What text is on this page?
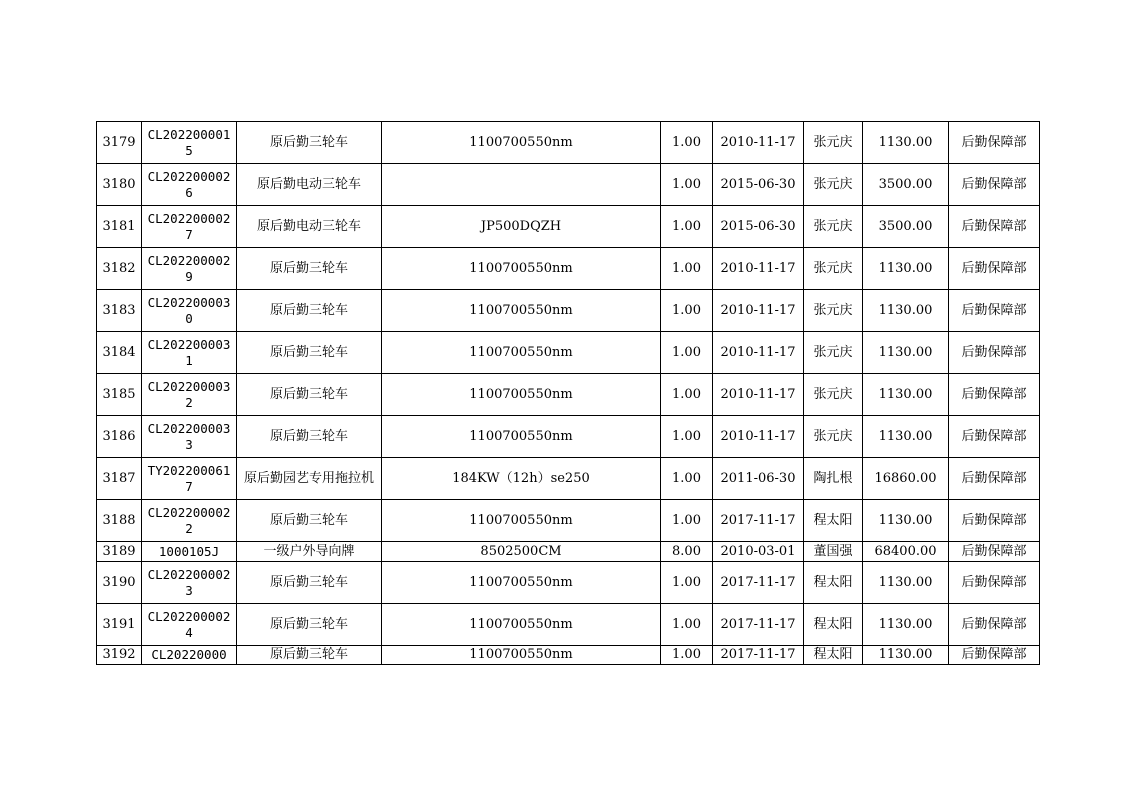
3179	CL2022000015	原后勤三轮车	1100700550nm	1.00	2010-11-17	张元庆	1130.00	后勤保障部
3180	CL2022000026	原后勤电动三轮车		1.00	2015-06-30	张元庆	3500.00	后勤保障部
3181	CL2022000027	原后勤电动三轮车	JP500DQZH	1.00	2015-06-30	张元庆	3500.00	后勤保障部
3182	CL2022000029	原后勤三轮车	1100700550nm	1.00	2010-11-17	张元庆	1130.00	后勤保障部
3183	CL2022000030	原后勤三轮车	1100700550nm	1.00	2010-11-17	张元庆	1130.00	后勤保障部
3184	CL2022000031	原后勤三轮车	1100700550nm	1.00	2010-11-17	张元庆	1130.00	后勤保障部
3185	CL2022000032	原后勤三轮车	1100700550nm	1.00	2010-11-17	张元庆	1130.00	后勤保障部
3186	CL2022000033	原后勤三轮车	1100700550nm	1.00	2010-11-17	张元庆	1130.00	后勤保障部
3187	TY2022000617	原后勤园艺专用拖拉机	184KW（12h）se250	1.00	2011-06-30	陶扎根	16860.00	后勤保障部
3188	CL2022000022	原后勤三轮车	1100700550nm	1.00	2017-11-17	程太阳	1130.00	后勤保障部
3189	1000105J	一级户外导向牌	8502500CM	8.00	2010-03-01	董国强	68400.00	后勤保障部
3190	CL2022000023	原后勤三轮车	1100700550nm	1.00	2017-11-17	程太阳	1130.00	后勤保障部
3191	CL2022000024	原后勤三轮车	1100700550nm	1.00	2017-11-17	程太阳	1130.00	后勤保障部
3192	CL20220000	原后勤三轮车	1100700550nm	1.00	2017-11-17	程太阳	1130.00	后勤保障部
